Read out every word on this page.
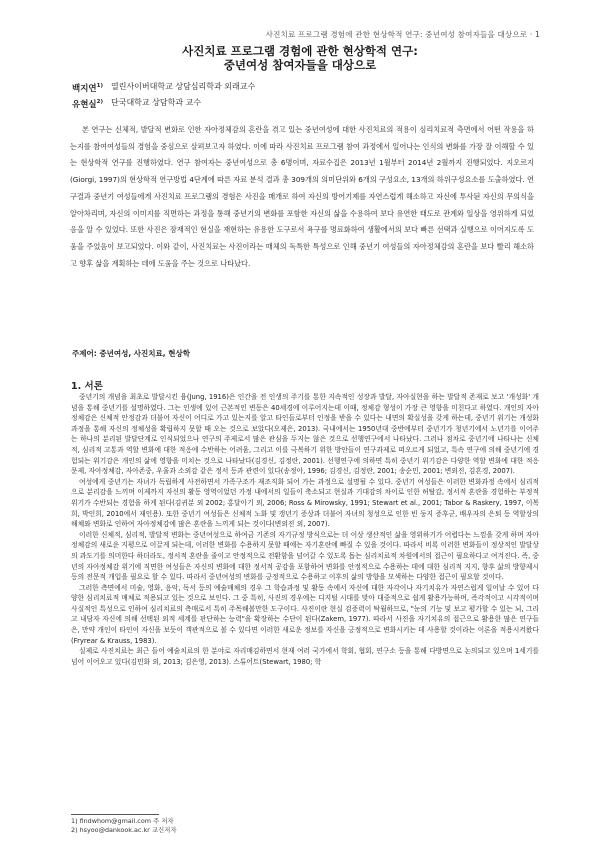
사진치료 프로그램 경험에 관한 현상학적 연구: 중년여성 참여자들을 대상으로 · 1
사진치료 프로그램 경험에 관한 현상학적 연구:
중년여성 참여자들을 대상으로
백지연$^{1)}$ 열린사이버대학교 상담심리학과 외래교수
유현실$^{2)}$ 단국대학교 상담학과 교수
본 연구는 신체적, 발달적 변화로 인한 자아정체감의 혼란을 겪고 있는 중년여성에 대한 사진치료의 적용이 심리치료적 측면에서 어떤 작용을 하는지를 참여여성들의 경험을 중심으로 살펴보고자 하였다. 이에 따라 사진치료 프로그램 참여 과정에서 일어나는 인식의 변화를 가장 잘 이해할 수 있는 현상학적 연구를 진행하였다. 연구 참여자는 중년여성으로 총 6명이며, 자료수집은 2013년 1월부터 2014년 2월까지 진행되었다. 지오르지(Giorgi, 1997)의 현상학적 연구방법 4단계에 따른 자료 분석 결과 총 309개의 의미단위와 6개의 구성요소, 13개의 하위구성요소를 도출하였다. 연구결과 중년기 여성들에게 사진치료 프로그램의 경험은 사진을 매개로 하여 자신의 방어기제를 자연스럽게 해소하고 자신에 투사된 자신의 무의식을 알아차리며, 자신의 이미지를 직면하는 과정을 통해 중년기의 변화를 포함한 자신의 삶을 수용하여 보다 유연한 태도로 관계와 일상을 영위하게 되었음을 알 수 있었다. 또한 사진은 잠재적인 현실을 재현하는 유용한 도구로서 욕구를 명료화하여 생활에서의 보다 빠른 선택과 실행으로 이어지도록 도움을 주었음이 보고되었다. 이와 같이, 사진치료는 사진이라는 매체의 독특한 특성으로 인해 중년기 여성들의 자아정체감의 혼란을 보다 빨리 해소하고 향후 삶을 계획하는 데에 도움을 주는 것으로 나타났다.
주제어: 중년여성, 사진치료, 현상학
1. 서론

중년기의 개념을 최초로 발달시킨 융(Jung, 1916)은 인간을 전 인생의 주기를 통한 지속적인 성장과 발달, 자아실현을 하는 발달적 존재로 보고 '개성화' 개념을 통해 중년기를 설명하였다. 그는 인생에 있어 근본적인 변동은 40세경에 이루어지는데 이때, 정체감 형성이 가장 큰 영향을 미친다고 하였다. 개인의 자아정체감은 신체적 안정감과 더불어 자신이 어디로 가고 있는지를 알고 타인들로부터 인정을 받을 수 있다는 내면의 확실성을 갖게 하는데, 중년기 위기는 개성화 과정을 통해 자신의 정체성을 확립하지 못할 때 오는 것으로 보았다(오제은, 2013). 국내에서는 1950년대 중반에부터 중년기가 청년기에서 노년기를 이어주는 하나의 분리된 발달단계로 인식되었으나 연구의 주제로서 많은 관심을 두지는 않은 것으로 선행연구에서 나타났다. 그러나 점차로 중년기에 나타나는 신체적, 심리적 고통과 역할 변화에 대한 적응에 수반하는 어려움, 그리고 이를 극복하기 위한 방안들이 연구과제로 떠오르게 되었고, 특속 연구에 의해 중년기에 경험되는 위기감은 개인의 삶에 영향을 미치는 것으로 나타났다(김경신, 김정란, 2001). 선행연구에 의하면 특히 중년기 위기감은 다양한 역할 변화에 대한 적응문제, 자아정체감, 자아존중, 우울과 소외감 같은 정서 등과 관련이 있다(송정아, 1996; 김경신, 김정란, 2001; 송순민, 2001; 변외진, 김흔경, 2007).

여성에게 중년기는 자녀가 독립하게 사전하면서 가족구조가 재조직화 되어 가는 과정으로 설명될 수 있다. 중년기 여성들은 이러한 변화과정 속에서 심리적으로 분리감을 느끼며 이제까지 자신의 활동 영역이었던 가정 내에서의 일들이 축소되고 현실과 기대감의 차이로 인한 허탈감, 정서적 혼란을 경험하는 부정적 위기가 수반되는 경험을 하게 된다(김귀분 외 2002; 홍달아기 외, 2006; Ross & Mirowsky, 1991; Stewart et al., 2001; Tabor & Raskery, 1997, 이복희, 박인희, 2010에서 재인용). 또한 중년기 여성들은 신체적 노화 및 갱년기 증상과 더불어 자녀의 청성으로 인한 빈 둥지 증후군, 배우자의 은퇴 등 역할상의 해체와 변화로 인하여 자아정체감에 많은 혼란을 느끼게 되는 것이다(변외진 외, 2007).

이러한 신체적, 심리적, 발달적 변화는 중년여성으로 하여금 기존의 자기규정 방식으로는 더 이상 생산적인 삶을 영위하기가 어렵다는 느낌을 갖게 하며 자아정체감의 새로운 지평으로 이끌게 되는데, 이러한 변화를 수용하지 못할 때에는 자기혼란에 빠질 수 있을 것이다. 따라서 비록 이러한 변화들이 정상적인 발달상의 과도기를 의미한다 하더라도, 정서적 혼란을 줄이고 안정적으로 전환함을 넘어갈 수 있도록 돕는 심리치료적 차원에서의 접근이 필요하다고 여겨진다. 즉, 중년의 자아정체감 위기에 직면한 여성들은 자신의 변화에 대한 정서적 공감을 포함하여 변화를 안정적으로 수용하는 데에 대한 심리적 지지, 향후 삶의 방향제시 등의 전문적 개입을 필요로 할 수 있다. 따라서 중년여성의 변화를 긍정적으로 수용하고 이후의 삶의 방향을 모색하는 다양한 접근이 필요할 것이다.

그러한 측면에서 미술, 영화, 음악, 독서 등의 예술매체의 경우 그 학습과정 및 활동 속에서 자신에 대한 자각이나 자기치유가 자연스럽게 일어날 수 있어 다양한 심리치료적 매체로 적용되고 있는 것으로 보인다. 그 중 특히, 사진의 경우에는 디지털 시대를 맞아 대중적으로 쉽게 활용가능하며, 즉각적이고 시각적이며 사실적인 특성으로 인하여 심리치료의 측매로서 특히 주목해볼만한 도구이다. 사진이란 현실 검증력이 탁월하므로, "눈의 기능 및 보고 평가할 수 있는 뇌, 그리고 내담자 자신에 의해 선택된 외적 세계를 판단하는 능력"을 확장하는 수단이 된다(Zakem, 1977). 따라서 사진을 자기치유의 접근으로 활용한 많은 연구들은, 만약 개인이 타인이 자신을 보듯이 객관적으로 볼 수 있다면 이러한 새로운 정보를 자신을 긍정적으로 변화시키는 데 사용할 것이라는 이론을 적용시켜왔다(Fryrear & Krauss, 1983).

실제로 사진치료는 최근 들어 예술치료의 한 분야로 자리매김하면서 현재 여러 국가에서 학회, 협회, 연구소 등을 통해 다방면으로 논의되고 있으며 1세기를 넘어 이어오고 있다(김민화 외, 2013; 김은영, 2013). 스튜어트(Stewart, 1980; 학

1) findwhom@gmail.com 주 저자
2) hsyoo@dankook.ac.kr 교신저자
